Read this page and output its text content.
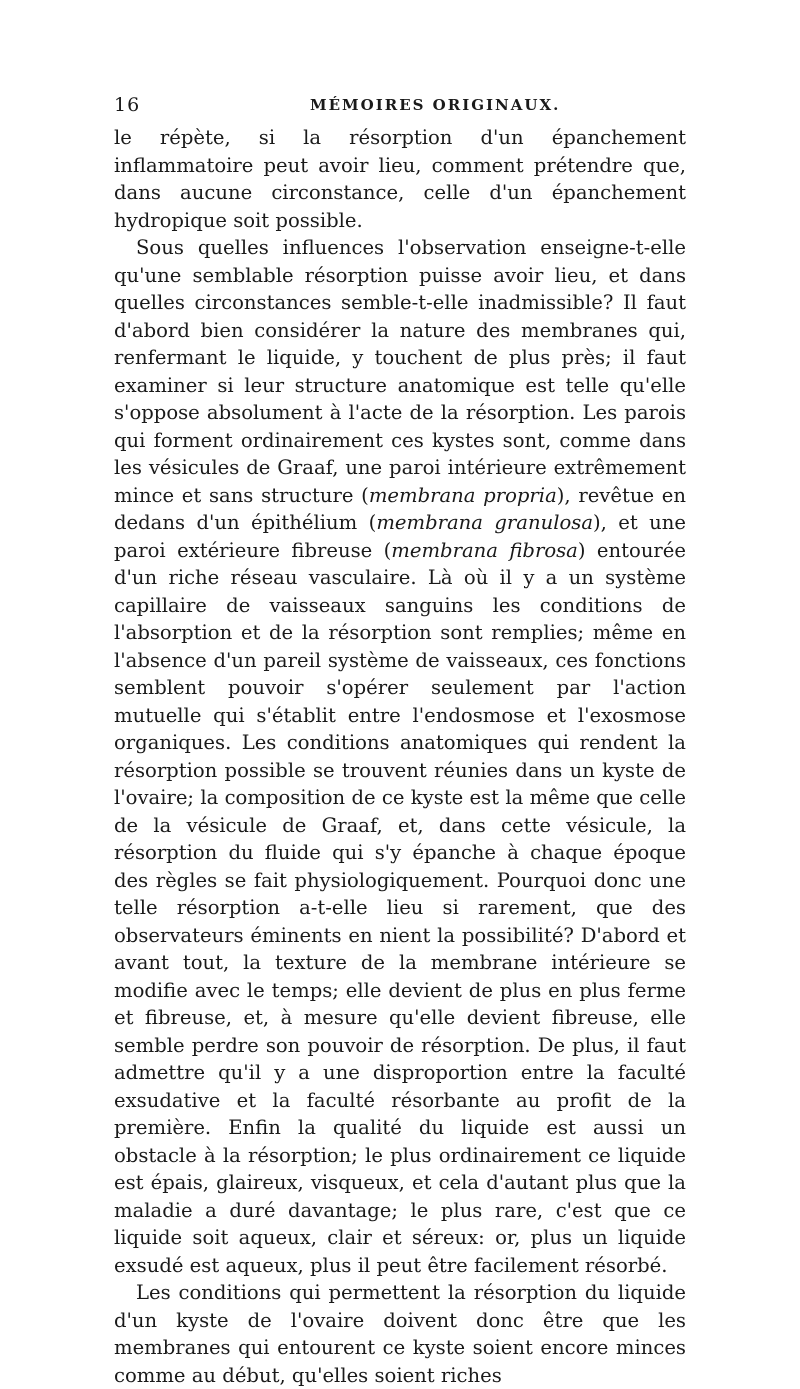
16	MÉMOIRES ORIGINAUX.

le répète, si la résorption d'un épanchement inflammatoire peut avoir lieu, comment prétendre que, dans aucune circonstance, celle d'un épanchement hydropique soit possible.

Sous quelles influences l'observation enseigne-t-elle qu'une semblable résorption puisse avoir lieu, et dans quelles circonstances semble-t-elle inadmissible? Il faut d'abord bien considérer la nature des membranes qui, renfermant le liquide, y touchent de plus près; il faut examiner si leur structure anatomique est telle qu'elle s'oppose absolument à l'acte de la résorption. Les parois qui forment ordinairement ces kystes sont, comme dans les vésicules de Graaf, une paroi intérieure extrêmement mince et sans structure (membrana propria), revêtue en dedans d'un épithélium (membrana granulosa), et une paroi extérieure fibreuse (membrana fibrosa) entourée d'un riche réseau vasculaire. Là où il y a un système capillaire de vaisseaux sanguins les conditions de l'absorption et de la résorption sont remplies; même en l'absence d'un pareil système de vaisseaux, ces fonctions semblent pouvoir s'opérer seulement par l'action mutuelle qui s'établit entre l'endosmose et l'exosmose organiques. Les conditions anatomiques qui rendent la résorption possible se trouvent réunies dans un kyste de l'ovaire; la composition de ce kyste est la même que celle de la vésicule de Graaf, et, dans cette vésicule, la résorption du fluide qui s'y épanche à chaque époque des règles se fait physiologiquement. Pourquoi donc une telle résorption a-t-elle lieu si rarement, que des observateurs éminents en nient la possibilité? D'abord et avant tout, la texture de la membrane intérieure se modifie avec le temps; elle devient de plus en plus ferme et fibreuse, et, à mesure qu'elle devient fibreuse, elle semble perdre son pouvoir de résorption. De plus, il faut admettre qu'il y a une disproportion entre la faculté exsudative et la faculté résorbante au profit de la première. Enfin la qualité du liquide est aussi un obstacle à la résorption; le plus ordinairement ce liquide est épais, glaireux, visqueux, et cela d'autant plus que la maladie a duré davantage; le plus rare, c'est que ce liquide soit aqueux, clair et séreux: or, plus un liquide exsudé est aqueux, plus il peut être facilement résorbé.

Les conditions qui permettent la résorption du liquide d'un kyste de l'ovaire doivent donc être que les membranes qui entourent ce kyste soient encore minces comme au début, qu'elles soient riches
